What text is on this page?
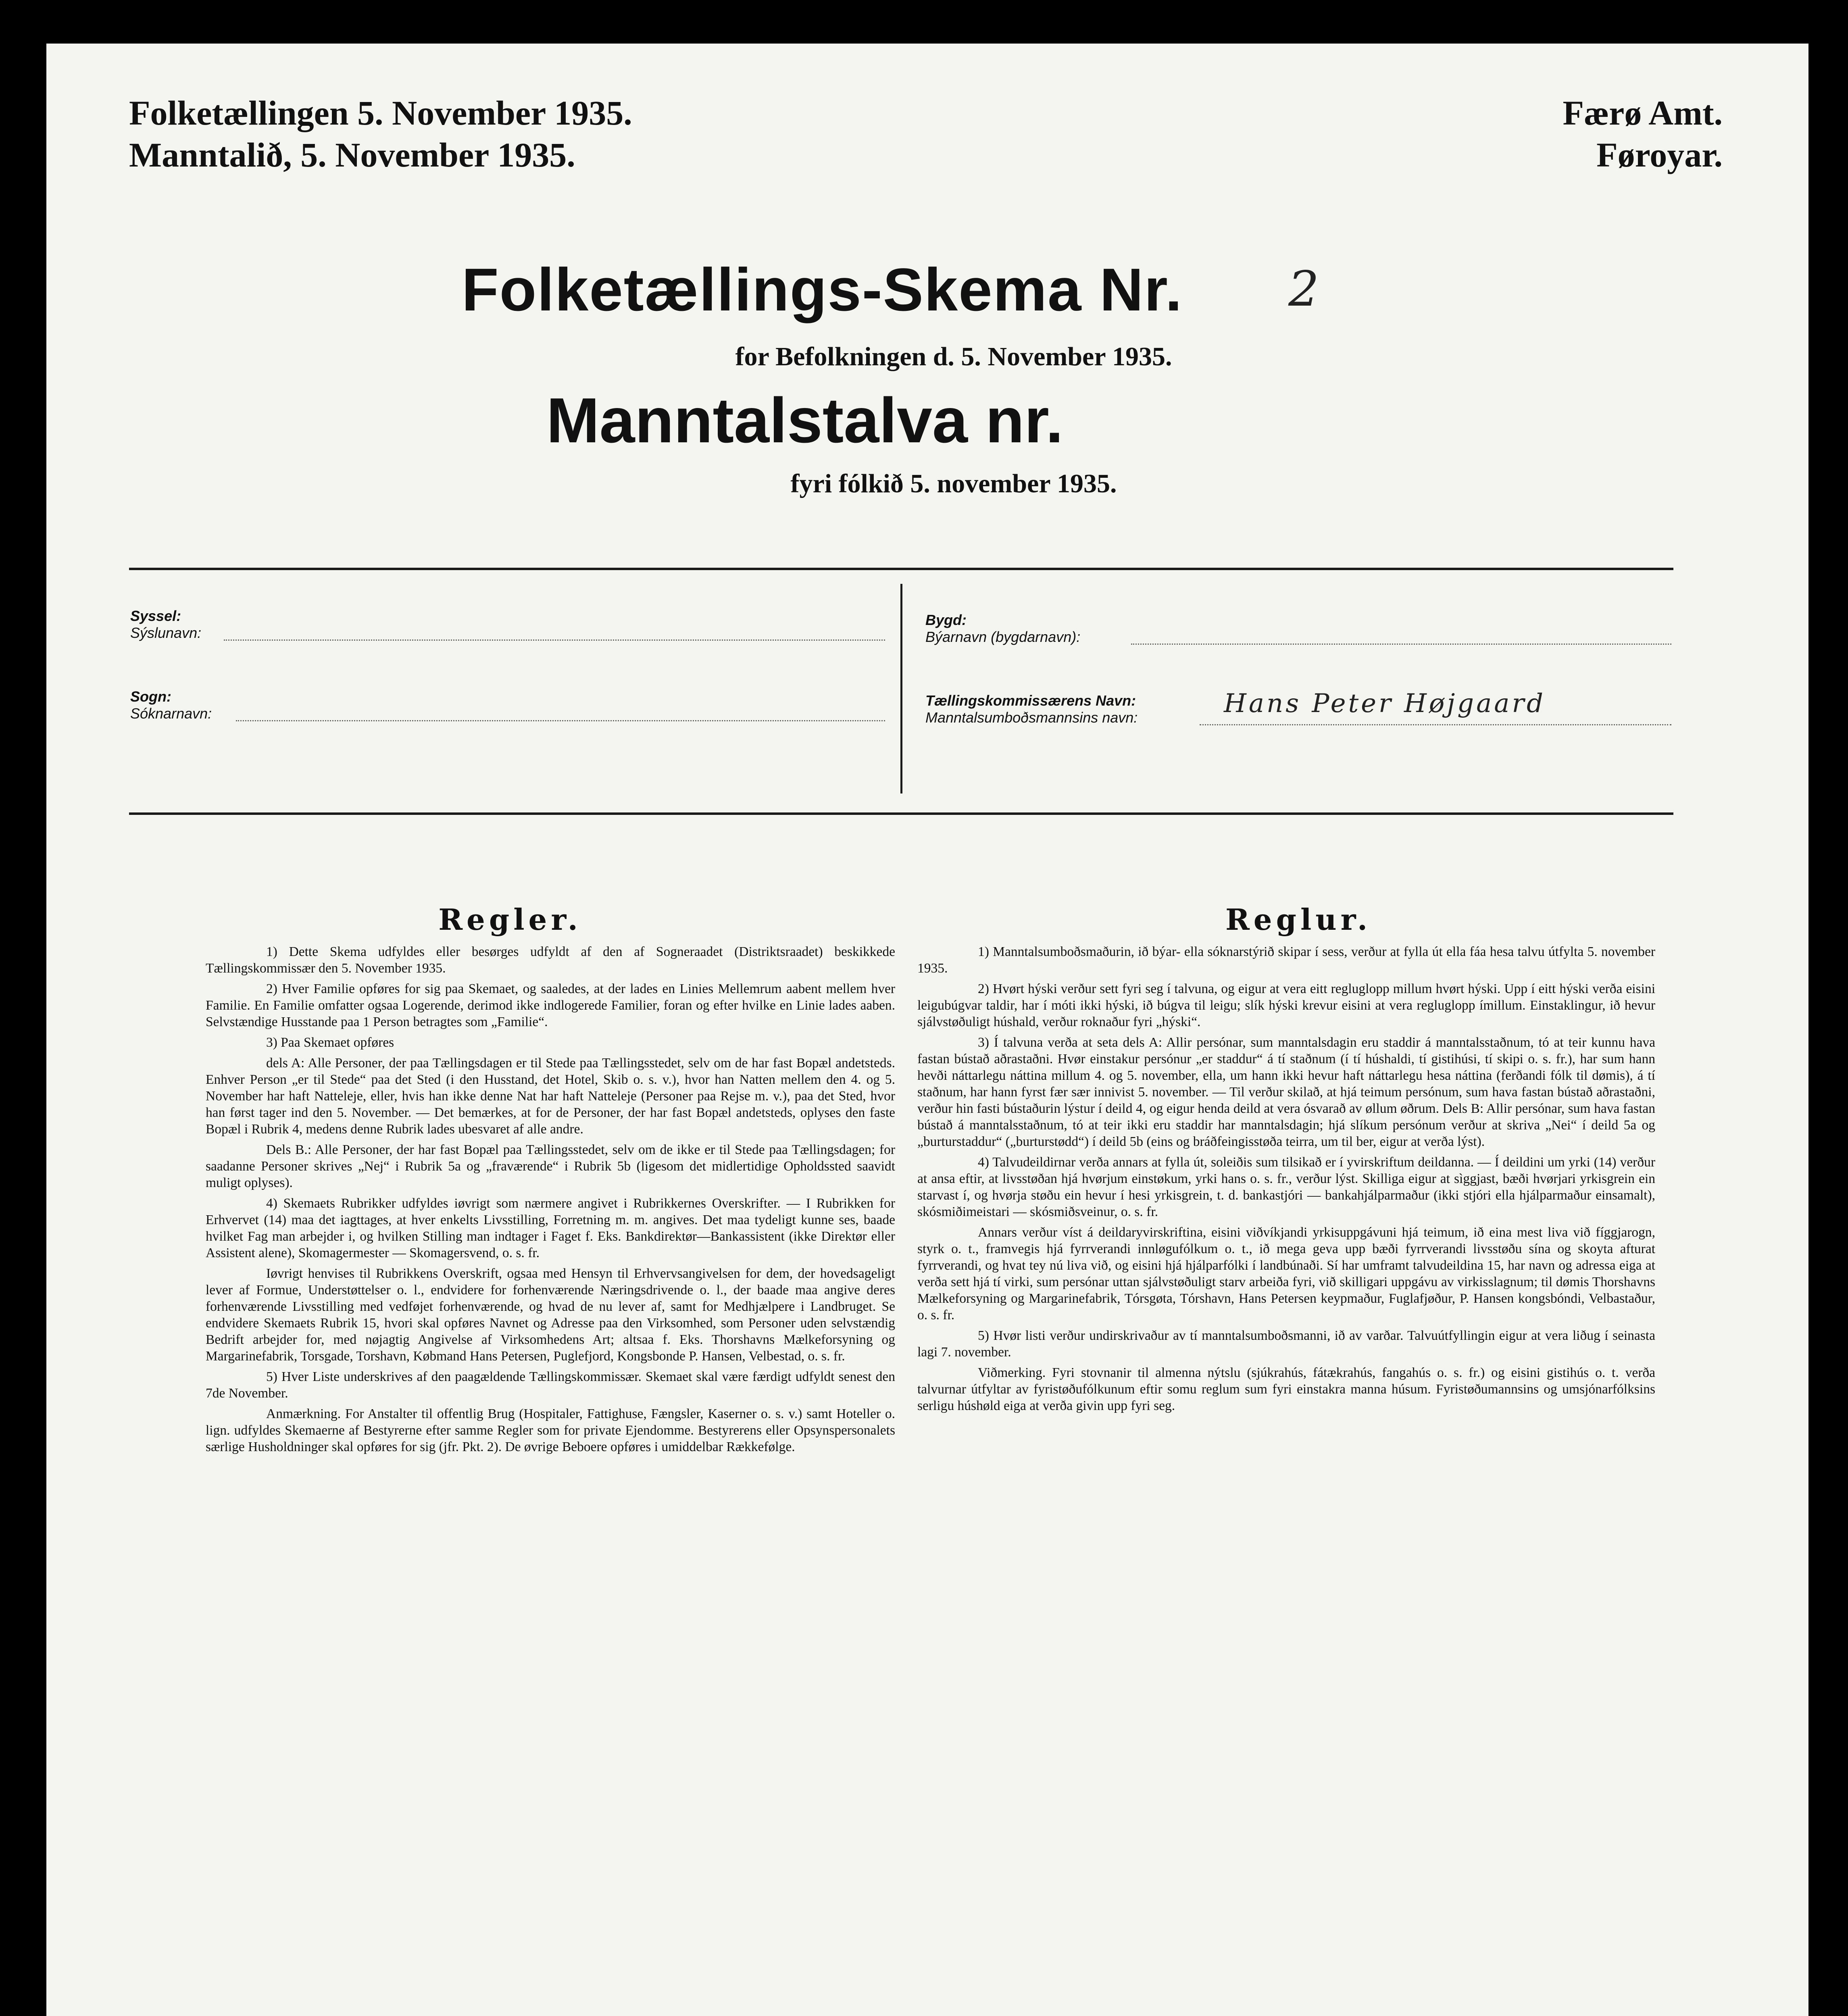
Folketællingen 5. November 1935.
Manntalið, 5. November 1935.
Færø Amt.
Føroyar.
Folketællings-Skema Nr. 2
for Befolkningen d. 5. November 1935.
Manntalstalva nr.
fyri fólkið 5. november 1935.
Syssel:
Sýslunavn:
Sogn:
Sóknarnavn:
Bygd:
Býarnavn (bygdarnavn):
Tællingskommissærens Navn:
Manntalsumboðsmannsins navn:	Hans Peter Højgaard
Regler.

1) Dette Skema udfyldes eller besørges udfyldt af den af Sogneraadet (Distriktsraadet) beskikkede Tællingskommissær den 5. November 1935.

2) Hver Familie opføres for sig paa Skemaet, og saaledes, at der lades en Linies Mellemrum aabent mellem hver Familie. En Familie omfatter ogsaa Logerende, derimod ikke indlogerede Familier, foran og efter hvilke en Linie lades aaben. Selvstændige Husstande paa 1 Person betragtes som „Familie“.

3) Paa Skemaet opføres

dels A: Alle Personer, der paa Tællingsdagen er til Stede paa Tællingsstedet, selv om de har fast Bopæl andetsteds. Enhver Person „er til Stede“ paa det Sted (i den Husstand, det Hotel, Skib o. s. v.), hvor han Natten mellem den 4. og 5. November har haft Natteleje, eller, hvis han ikke denne Nat har haft Natteleje (Personer paa Rejse m. v.), paa det Sted, hvor han først tager ind den 5. November. — Det bemærkes, at for de Personer, der har fast Bopæl andetsteds, oplyses den faste Bopæl i Rubrik 4, medens denne Rubrik lades ubesvaret af alle andre.

Dels B.: Alle Personer, der har fast Bopæl paa Tællingsstedet, selv om de ikke er til Stede paa Tællingsdagen; for saadanne Personer skrives „Nej“ i Rubrik 5a og „fraværende“ i Rubrik 5b (ligesom det midlertidige Opholdssted saavidt muligt oplyses).

4) Skemaets Rubrikker udfyldes iøvrigt som nærmere angivet i Rubrikkernes Overskrifter. — I Rubrikken for Erhvervet (14) maa det iagttages, at hver enkelts Livsstilling, Forretning m. m. angives. Det maa tydeligt kunne ses, baade hvilket Fag man arbejder i, og hvilken Stilling man indtager i Faget f. Eks. Bankdirektør—Bankassistent (ikke Direktør eller Assistent alene), Skomagermester — Skomagersvend, o. s. fr.

Iøvrigt henvises til Rubrikkens Overskrift, ogsaa med Hensyn til Erhvervsangivelsen for dem, der hovedsageligt lever af Formue, Understøttelser o. l., endvidere for forhenværende Næringsdrivende o. l., der baade maa angive deres forhenværende Livsstilling med vedføjet forhenværende, og hvad de nu lever af, samt for Medhjælpere i Landbruget. Se endvidere Skemaets Rubrik 15, hvori skal opføres Navnet og Adresse paa den Virksomhed, som Personer uden selvstændig Bedrift arbejder for, med nøjagtig Angivelse af Virksomhedens Art; altsaa f. Eks. Thorshavns Mælkeforsyning og Margarinefabrik, Torsgade, Torshavn, Købmand Hans Petersen, Puglefjord, Kongsbonde P. Hansen, Velbestad, o. s. fr.

5) Hver Liste underskrives af den paagældende Tællingskommissær. Skemaet skal være færdigt udfyldt senest den 7de November.

Anmærkning. For Anstalter til offentlig Brug (Hospitaler, Fattighuse, Fængsler, Kaserner o. s. v.) samt Hoteller o. lign. udfyldes Skemaerne af Bestyrerne efter samme Regler som for private Ejendomme. Bestyrerens eller Opsynspersonalets særlige Husholdninger skal opføres for sig (jfr. Pkt. 2). De øvrige Beboere opføres i umiddelbar Rækkefølge.

Reglur.

1) Manntalsumboðsmaðurin, ið býar- ella sóknarstýrið skipar í sess, verður at fylla út ella fáa hesa talvu útfylta 5. november 1935.

2) Hvørt hýski verður sett fyri seg í talvuna, og eigur at vera eitt regluglopp millum hvørt hýski. Upp í eitt hýski verða eisini leigubúgvar taldir, har í móti ikki hýski, ið búgva til leigu; slík hýski krevur eisini at vera regluglopp ímillum. Einstaklingur, ið hevur sjálvstøðuligt húshald, verður roknaður fyri „hýski“.

3) Í talvuna verða at seta dels A: Allir persónar, sum manntalsdagin eru staddir á manntalsstaðnum, tó at teir kunnu hava fastan bústað aðrastaðni. Hvør einstakur persónur „er staddur“ á tí staðnum (í tí húshaldi, tí gistihúsi, tí skipi o. s. fr.), har sum hann hevði náttarlegu náttina millum 4. og 5. november, ella, um hann ikki hevur haft náttarlegu hesa náttina (ferðandi fólk til dømis), á tí staðnum, har hann fyrst fær sær innivist 5. november. — Til verður skilað, at hjá teimum persónum, sum hava fastan bústað aðrastaðni, verður hin fasti bústaðurin lýstur í deild 4, og eigur henda deild at vera ósvarað av øllum øðrum. Dels B: Allir persónar, sum hava fastan bústað á manntalsstaðnum, tó at teir ikki eru staddir har manntalsdagin; hjá slíkum persónum verður at skriva „Nei“ í deild 5a og „burturstaddur“ („burturstødd“) í deild 5b (eins og bráðfeingisstøða teirra, um til ber, eigur at verða lýst).

4) Talvudeildirnar verða annars at fylla út, soleiðis sum tilsikað er í yvirskriftum deildanna. — Í deildini um yrki (14) verður at ansa eftir, at livsstøðan hjá hvørjum einstøkum, yrki hans o. s. fr., verður lýst. Skilliga eigur at sìggjast, bæði hvørjari yrkisgrein ein starvast í, og hvørja støðu ein hevur í hesi yrkisgrein, t. d. bankastjóri — bankahjálparmaður (ikki stjóri ella hjálparmaður einsamalt), skósmiðimeistari — skósmiðsveinur, o. s. fr.

Annars verður víst á deildaryvirskriftina, eisini viðvíkjandi yrkisuppgávuni hjá teimum, ið eina mest liva við fíggjarogn, styrk o. t., framvegis hjá fyrrverandi innløgufólkum o. t., ið mega geva upp bæði fyrrverandi livsstøðu sína og skoyta afturat fyrrverandi, og hvat tey nú liva við, og eisini hjá hjálparfólki í landbúnaði. Sí har umframt talvudeildina 15, har navn og adressa eiga at verða sett hjá tí virki, sum persónar uttan sjálvstøðuligt starv arbeiða fyri, við skilligari uppgávu av virkisslagnum; til dømis Thorshavns Mælkeforsyning og Margarinefabrik, Tórsgøta, Tórshavn, Hans Petersen keypmaður, Fuglafjøður, P. Hansen kongsbóndi, Velbastaður, o. s. fr.

5) Hvør listi verður undirskrivaður av tí manntalsumboðsmanni, ið av varðar. Talvuútfyllingin eigur at vera liðug í seinasta lagi 7. november.

Viðmerking. Fyri stovnanir til almenna nýtslu (sjúkrahús, fátækrahús, fangahús o. s. fr.) og eisini gistihús o. t. verða talvurnar útfyltar av fyristøðufólkunum eftir somu reglum sum fyri einstakra manna húsum. Fyristøðumannsins og umsjónarfólksins serligu húshøld eiga at verða givin upp fyri seg.
